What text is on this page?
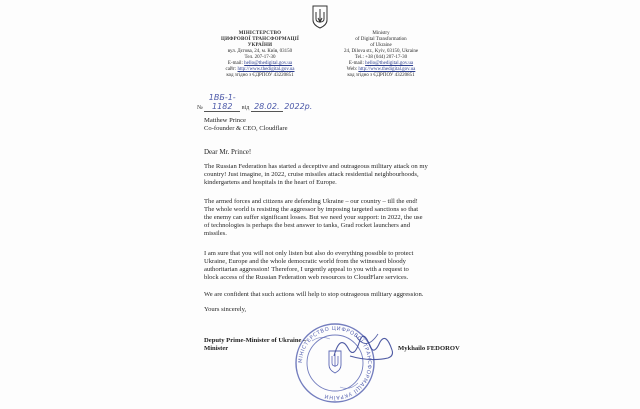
МІНІСТЕРСТВО
ЦИФРОВОЇ ТРАНСФОРМАЦІЇ
УКРАЇНИ
вул. Дєгова, 24, м. Київ, 03150
Тел. 207-17-30
E-mail: hello@thedigital.gov.ua
сайт: http://www.thedigital.gov.ua
код згідно з ЄДРПОУ 43220851
Ministry
of Digital Transformation
of Ukraine
24, Dilova str., Kyiv, 03150, Ukraine
Tel.: +38 (044) 207-17-30
E-mail: hello@thedigital.gov.ua
Web: http://www.thedigital.gov.ua
код згідно з ЄДРПОУ 43220851
№ 1ВБ-1-1182 від 28.02. 2022р.
Matthew Prince
Co-founder & CEO, Cloudflare
Dear Mr. Prince!
The Russian Federation has started a deceptive and outrageous military attack on my
country! Just imagine, in 2022, cruise missiles attack residential neighbourhoods,
kindergartens and hospitals in the heart of Europe.
The armed forces and citizens are defending Ukraine – our country – till the end!
The whole world is resisting the aggressor by imposing targeted sanctions so that
the enemy can suffer significant losses. But we need your support: in 2022, the use
of technologies is perhaps the best answer to tanks, Grad rocket launchers and
missiles.
I am sure that you will not only listen but also do everything possible to protect
Ukraine, Europe and the whole democratic world from the witnessed bloody
authoritarian aggression! Therefore, I urgently appeal to you with a request to
block access of the Russian Federation web resources to CloudFlare services.
We are confident that such actions will help to stop outrageous military aggression.
Yours sincerely,
МІНІСТЕРСТВО ЦИФРОВОЇ ТРАНСФОРМАЦІЇ УКРАЇНИ
Deputy Prime-Minister of Ukraine –
Minister	Mykhailo FEDOROV
